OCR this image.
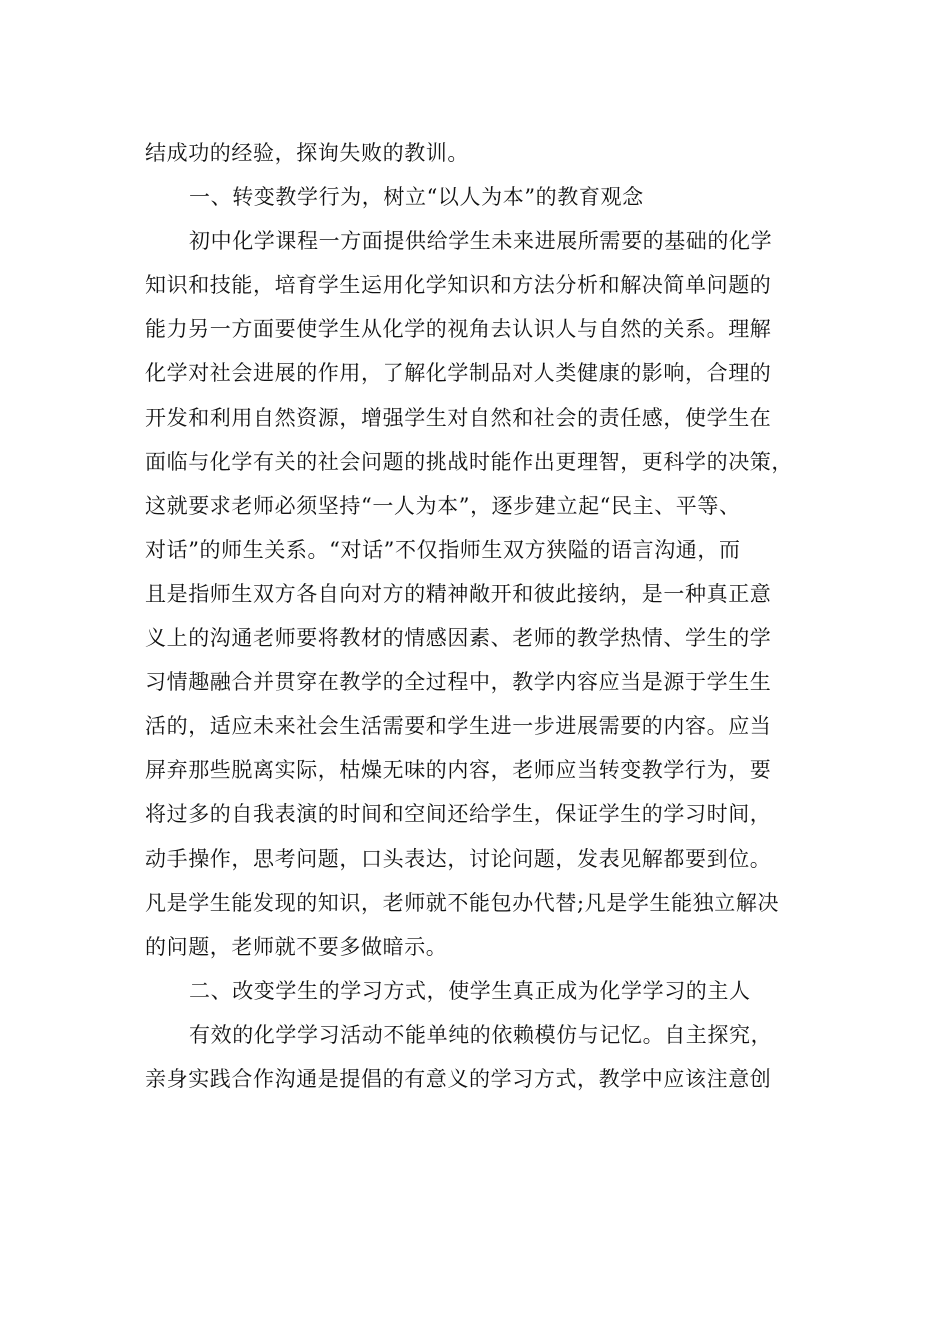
结成功的经验，探询失败的教训。
一、转变教学行为，树立“以人为本”的教育观念
初中化学课程一方面提供给学生未来进展所需要的基础的化学
知识和技能，培育学生运用化学知识和方法分析和解决简单问题的
能力另一方面要使学生从化学的视角去认识人与自然的关系。理解
化学对社会进展的作用，了解化学制品对人类健康的影响，合理的
开发和利用自然资源，增强学生对自然和社会的责任感，使学生在
面临与化学有关的社会问题的挑战时能作出更理智，更科学的决策，
这就要求老师必须坚持“一人为本”，逐步建立起“民主、平等、
对话”的师生关系。“对话”不仅指师生双方狭隘的语言沟通，而
且是指师生双方各自向对方的精神敞开和彼此接纳，是一种真正意
义上的沟通老师要将教材的情感因素、老师的教学热情、学生的学
习情趣融合并贯穿在教学的全过程中，教学内容应当是源于学生生
活的，适应未来社会生活需要和学生进一步进展需要的内容。应当
屏弃那些脱离实际，枯燥无味的内容，老师应当转变教学行为，要
将过多的自我表演的时间和空间还给学生，保证学生的学习时间，
动手操作，思考问题，口头表达，讨论问题，发表见解都要到位。
凡是学生能发现的知识，老师就不能包办代替;凡是学生能独立解决
的问题，老师就不要多做暗示。
二、改变学生的学习方式，使学生真正成为化学学习的主人
有效的化学学习活动不能单纯的依赖模仿与记忆。自主探究，
亲身实践合作沟通是提倡的有意义的学习方式，教学中应该注意创
